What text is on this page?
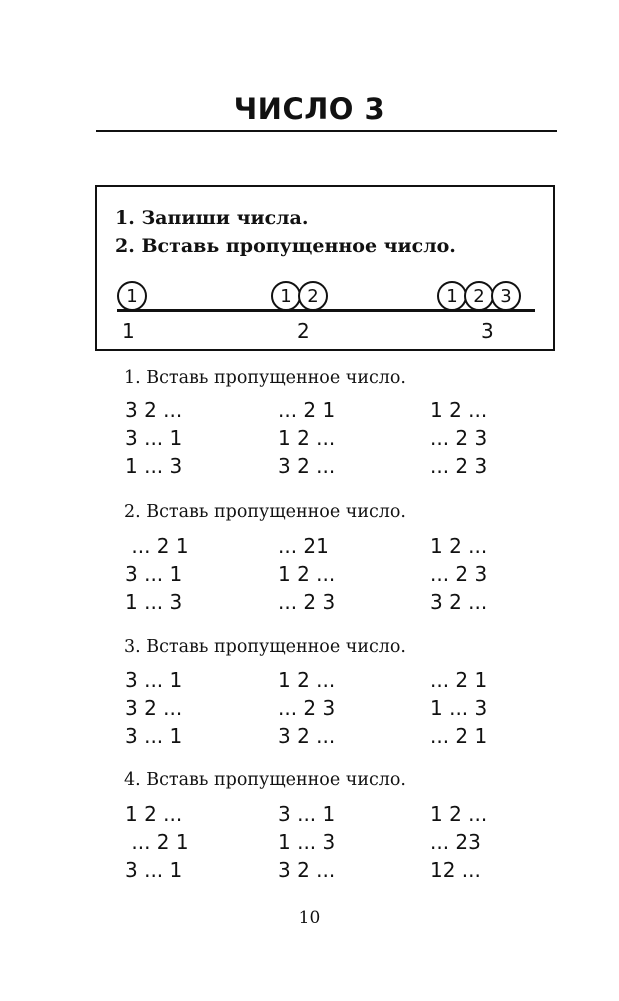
ЧИСЛО 3
1. Запиши числа.
2. Вставь пропущенное число.
1	1 2	1 2 3
1	2	3
1. Вставь пропущенное число.
3 2 ...	... 2 1	1 2 ...
3 ... 1	1 2 ...	... 2 3
1 ... 3	3 2 ...	... 2 3
2. Вставь пропущенное число.
... 2 1	... 21	1 2 ...
3 ... 1	1 2 ...	... 2 3
1 ... 3	... 2 3	3 2 ...
3. Вставь пропущенное число.
3 ... 1	1 2 ...	... 2 1
3 2 ...	... 2 3	1 ... 3
3 ... 1	3 2 ...	... 2 1
4. Вставь пропущенное число.
1 2 ...	3 ... 1	1 2 ...
... 2 1	1 ... 3	... 23
3 ... 1	3 2 ...	12 ...
10
